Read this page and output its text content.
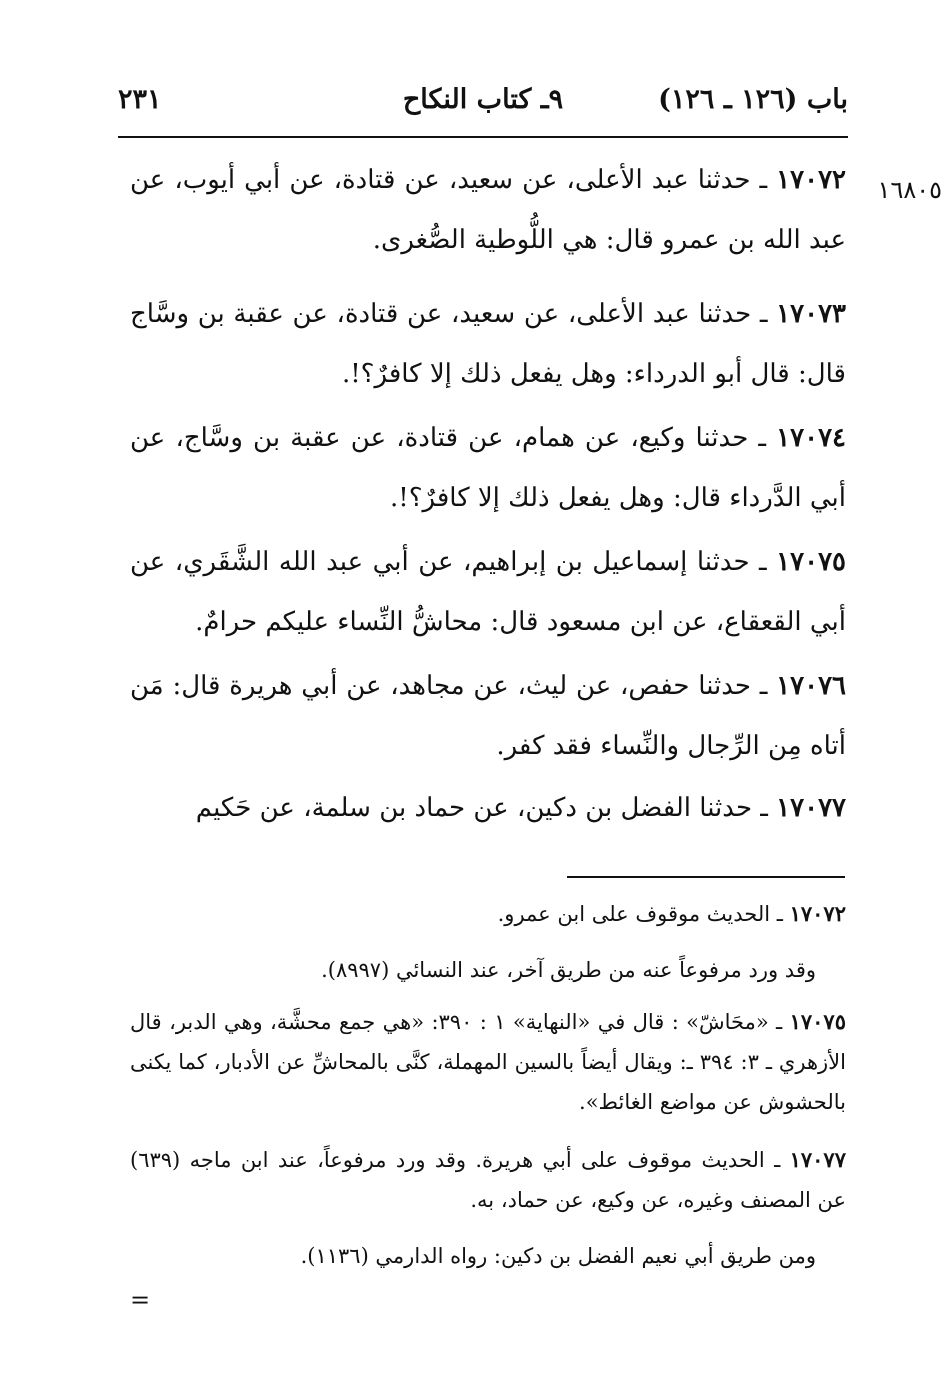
باب (١٢٦ ـ ١٢٦)
٩ـ كتاب النكاح
٢٣١
١٦٨٠٥

١٧٠٧٢ ـ حدثنا عبد الأعلى، عن سعيد، عن قتادة، عن أبي أيوب، عن عبد الله بن عمرو قال: هي اللُّوطية الصُّغرى.

١٧٠٧٣ ـ حدثنا عبد الأعلى، عن سعيد، عن قتادة، عن عقبة بن وسَّاج قال: قال أبو الدرداء: وهل يفعل ذلك إلا كافرٌ؟!.

١٧٠٧٤ ـ حدثنا وكيع، عن همام، عن قتادة، عن عقبة بن وسَّاج، عن أبي الدَّرداء قال: وهل يفعل ذلك إلا كافرٌ؟!.

١٧٠٧٥ ـ حدثنا إسماعيل بن إبراهيم، عن أبي عبد الله الشَّقَري، عن أبي القعقاع، عن ابن مسعود قال: محاشُّ النِّساء عليكم حرامٌ.

١٧٠٧٦ ـ حدثنا حفص، عن ليث، عن مجاهد، عن أبي هريرة قال: مَن أتاه مِن الرِّجال والنِّساء فقد كفر.

١٧٠٧٧ ـ حدثنا الفضل بن دكين، عن حماد بن سلمة، عن حَكيم

١٧٠٧٢ ـ الحديث موقوف على ابن عمرو.

وقد ورد مرفوعاً عنه من طريق آخر، عند النسائي (٨٩٩٧).

١٧٠٧٥ ـ «محَاشّ» : قال في «النهاية» ١ : ٣٩٠: «هي جمع محشَّة، وهي الدبر، قال الأزهري ـ ٣: ٣٩٤ ـ: ويقال أيضاً بالسين المهملة، كنَّى بالمحاشِّ عن الأدبار، كما يكنى بالحشوش عن مواضع الغائط».

١٧٠٧٧ ـ الحديث موقوف على أبي هريرة. وقد ورد مرفوعاً، عند ابن ماجه (٦٣٩) عن المصنف وغيره، عن وكيع، عن حماد، به.

ومن طريق أبي نعيم الفضل بن دكين: رواه الدارمي (١١٣٦).

=
